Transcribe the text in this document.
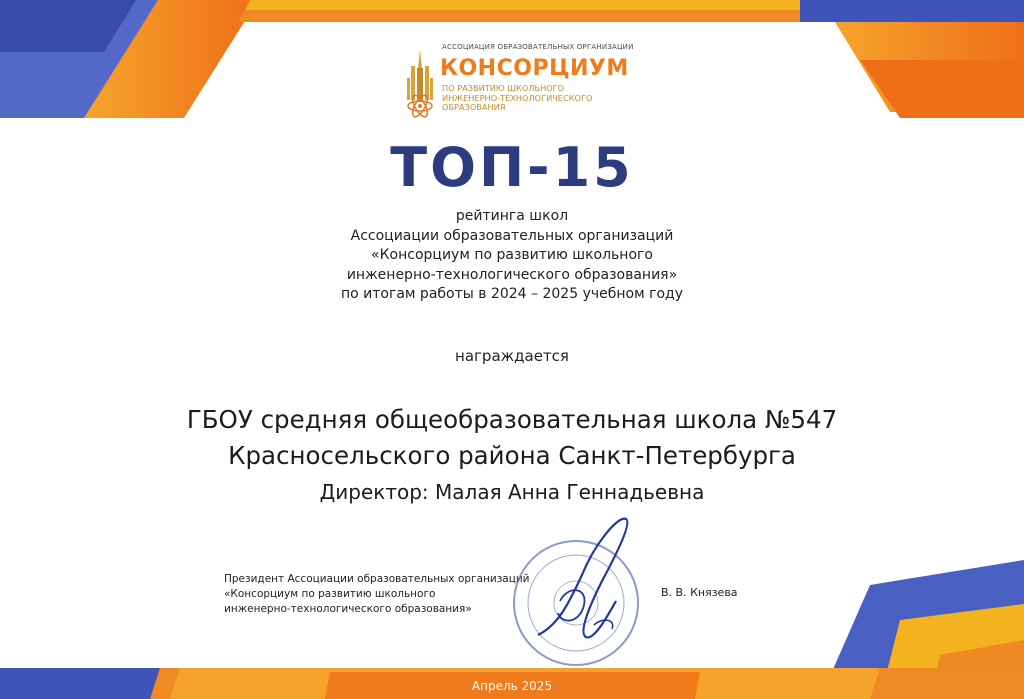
АССОЦИАЦИЯ ОБРАЗОВАТЕЛЬНЫХ ОРГАНИЗАЦИИ
КОНСОРЦИУМ
ПО РАЗВИТИЮ ШКОЛЬНОГО
ИНЖЕНЕРНО-ТЕХНОЛОГИЧЕСКОГО
ОБРАЗОВАНИЯ
ТОП-15
рейтинга школ
Ассоциации образовательных организаций
«Консорциум по развитию школьного
инженерно-технологического образования»
по итогам работы в 2024 – 2025 учебном году
награждается
ГБОУ средняя общеобразовательная школа №547
Красносельского района Санкт-Петербурга
Директор: Малая Анна Геннадьевна
Президент Ассоциации образовательных организаций
«Консорциум по развитию школьного
инженерно-технологического образования»
В. В. Князева
Апрель 2025
